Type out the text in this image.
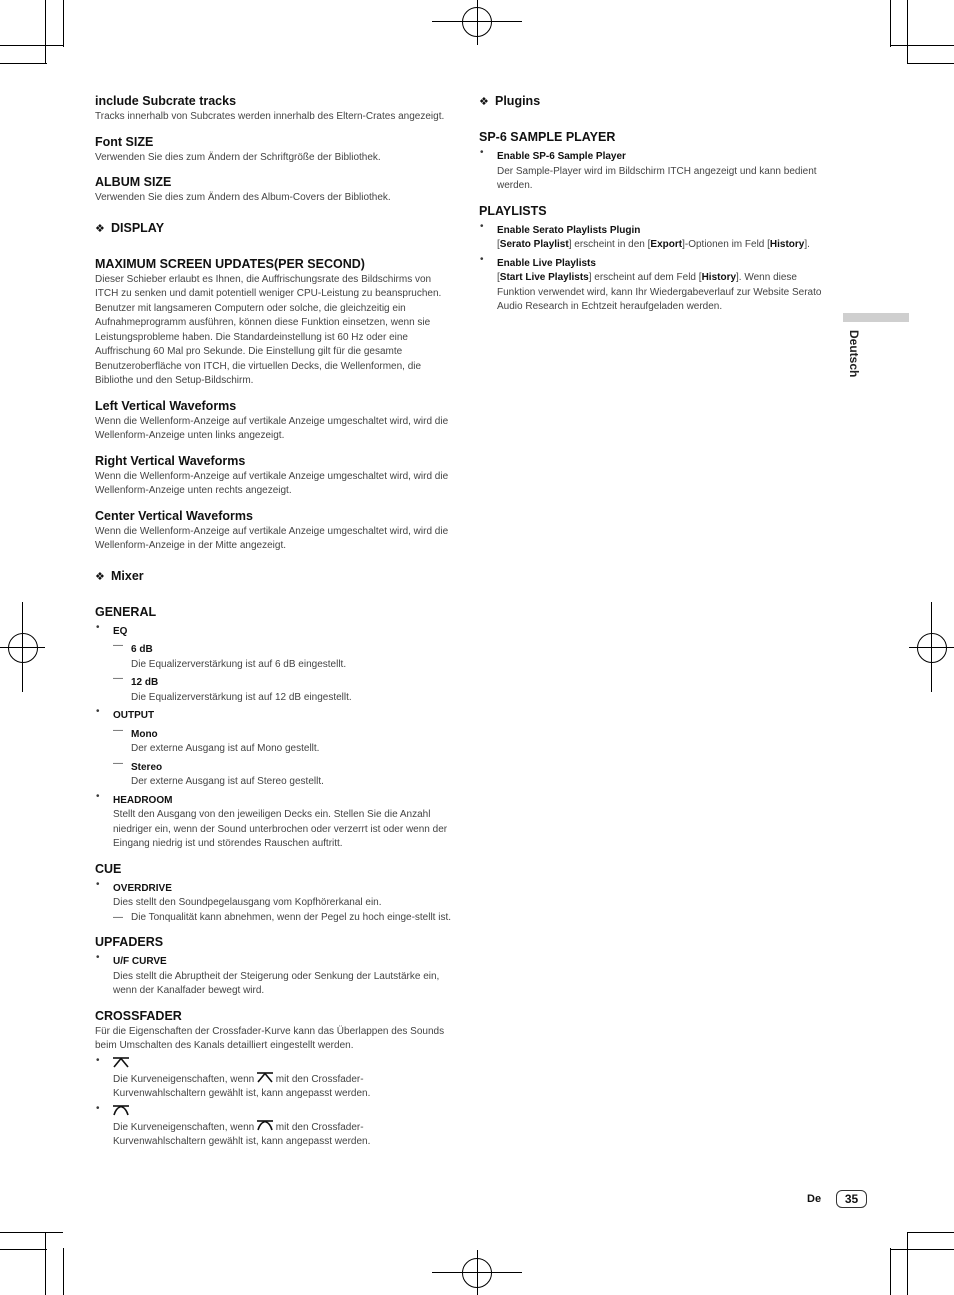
include Subcrate tracks

Tracks innerhalb von Subcrates werden innerhalb des Eltern-Crates angezeigt.

Font SIZE

Verwenden Sie dies zum Ändern der Schriftgröße der Bibliothek.

ALBUM SIZE

Verwenden Sie dies zum Ändern des Album-Covers der Bibliothek.

❖ DISPLAY
MAXIMUM SCREEN UPDATES(PER SECOND)

Dieser Schieber erlaubt es Ihnen, die Auffrischungsrate des Bildschirms von ITCH zu senken und damit potentiell weniger CPU-Leistung zu beanspruchen. Benutzer mit langsameren Computern oder solche, die gleichzeitig ein Aufnahmeprogramm ausführen, können diese Funktion einsetzen, wenn sie Leistungsprobleme haben. Die Standardeinstellung ist 60 Hz oder eine Auffrischung 60 Mal pro Sekunde. Die Einstellung gilt für die gesamte Benutzeroberfläche von ITCH, die virtuellen Decks, die Wellenformen, die Bibliothe und den Setup-Bildschirm.

Left Vertical Waveforms

Wenn die Wellenform-Anzeige auf vertikale Anzeige umgeschaltet wird, wird die Wellenform-Anzeige unten links angezeigt.

Right Vertical Waveforms

Wenn die Wellenform-Anzeige auf vertikale Anzeige umgeschaltet wird, wird die Wellenform-Anzeige unten rechts angezeigt.

Center Vertical Waveforms

Wenn die Wellenform-Anzeige auf vertikale Anzeige umgeschaltet wird, wird die Wellenform-Anzeige in der Mitte angezeigt.

❖ Mixer
GENERAL
• EQ
— 6 dB

Die Equalizerverstärkung ist auf 6 dB eingestellt.

— 12 dB

Die Equalizerverstärkung ist auf 12 dB eingestellt.

• OUTPUT
— Mono

Der externe Ausgang ist auf Mono gestellt.

— Stereo

Der externe Ausgang ist auf Stereo gestellt.

• HEADROOM

Stellt den Ausgang von den jeweiligen Decks ein. Stellen Sie die Anzahl niedriger ein, wenn der Sound unterbrochen oder verzerrt ist oder wenn der Eingang niedrig ist und störendes Rauschen auftritt.

CUE
• OVERDRIVE

Dies stellt den Soundpegelausgang vom Kopfhörerkanal ein.

— Die Tonqualität kann abnehmen, wenn der Pegel zu hoch einge-stellt ist.

UPFADERS
• U/F CURVE

Dies stellt die Abruptheit der Steigerung oder Senkung der Lautstärke ein, wenn der Kanalfader bewegt wird.

CROSSFADER

Für die Eigenschaften der Crossfader-Kurve kann das Überlappen des Sounds beim Umschalten des Kanals detailliert eingestellt werden.

•

Die Kurveneigenschaften, wenn mit den Crossfader-Kurvenwahlschaltern gewählt ist, kann angepasst werden.

•

Die Kurveneigenschaften, wenn mit den Crossfader-Kurvenwahlschaltern gewählt ist, kann angepasst werden.

❖ Plugins
SP-6 SAMPLE PLAYER
• Enable SP-6 Sample Player

Der Sample-Player wird im Bildschirm ITCH angezeigt und kann bedient werden.

PLAYLISTS
• Enable Serato Playlists Plugin

[Serato Playlist] erscheint in den [Export]-Optionen im Feld [History].

• Enable Live Playlists

[Start Live Playlists] erscheint auf dem Feld [History]. Wenn diese Funktion verwendet wird, kann Ihr Wiedergabeverlauf zur Website Serato Audio Research in Echtzeit heraufgeladen werden.

Deutsch
De	35
